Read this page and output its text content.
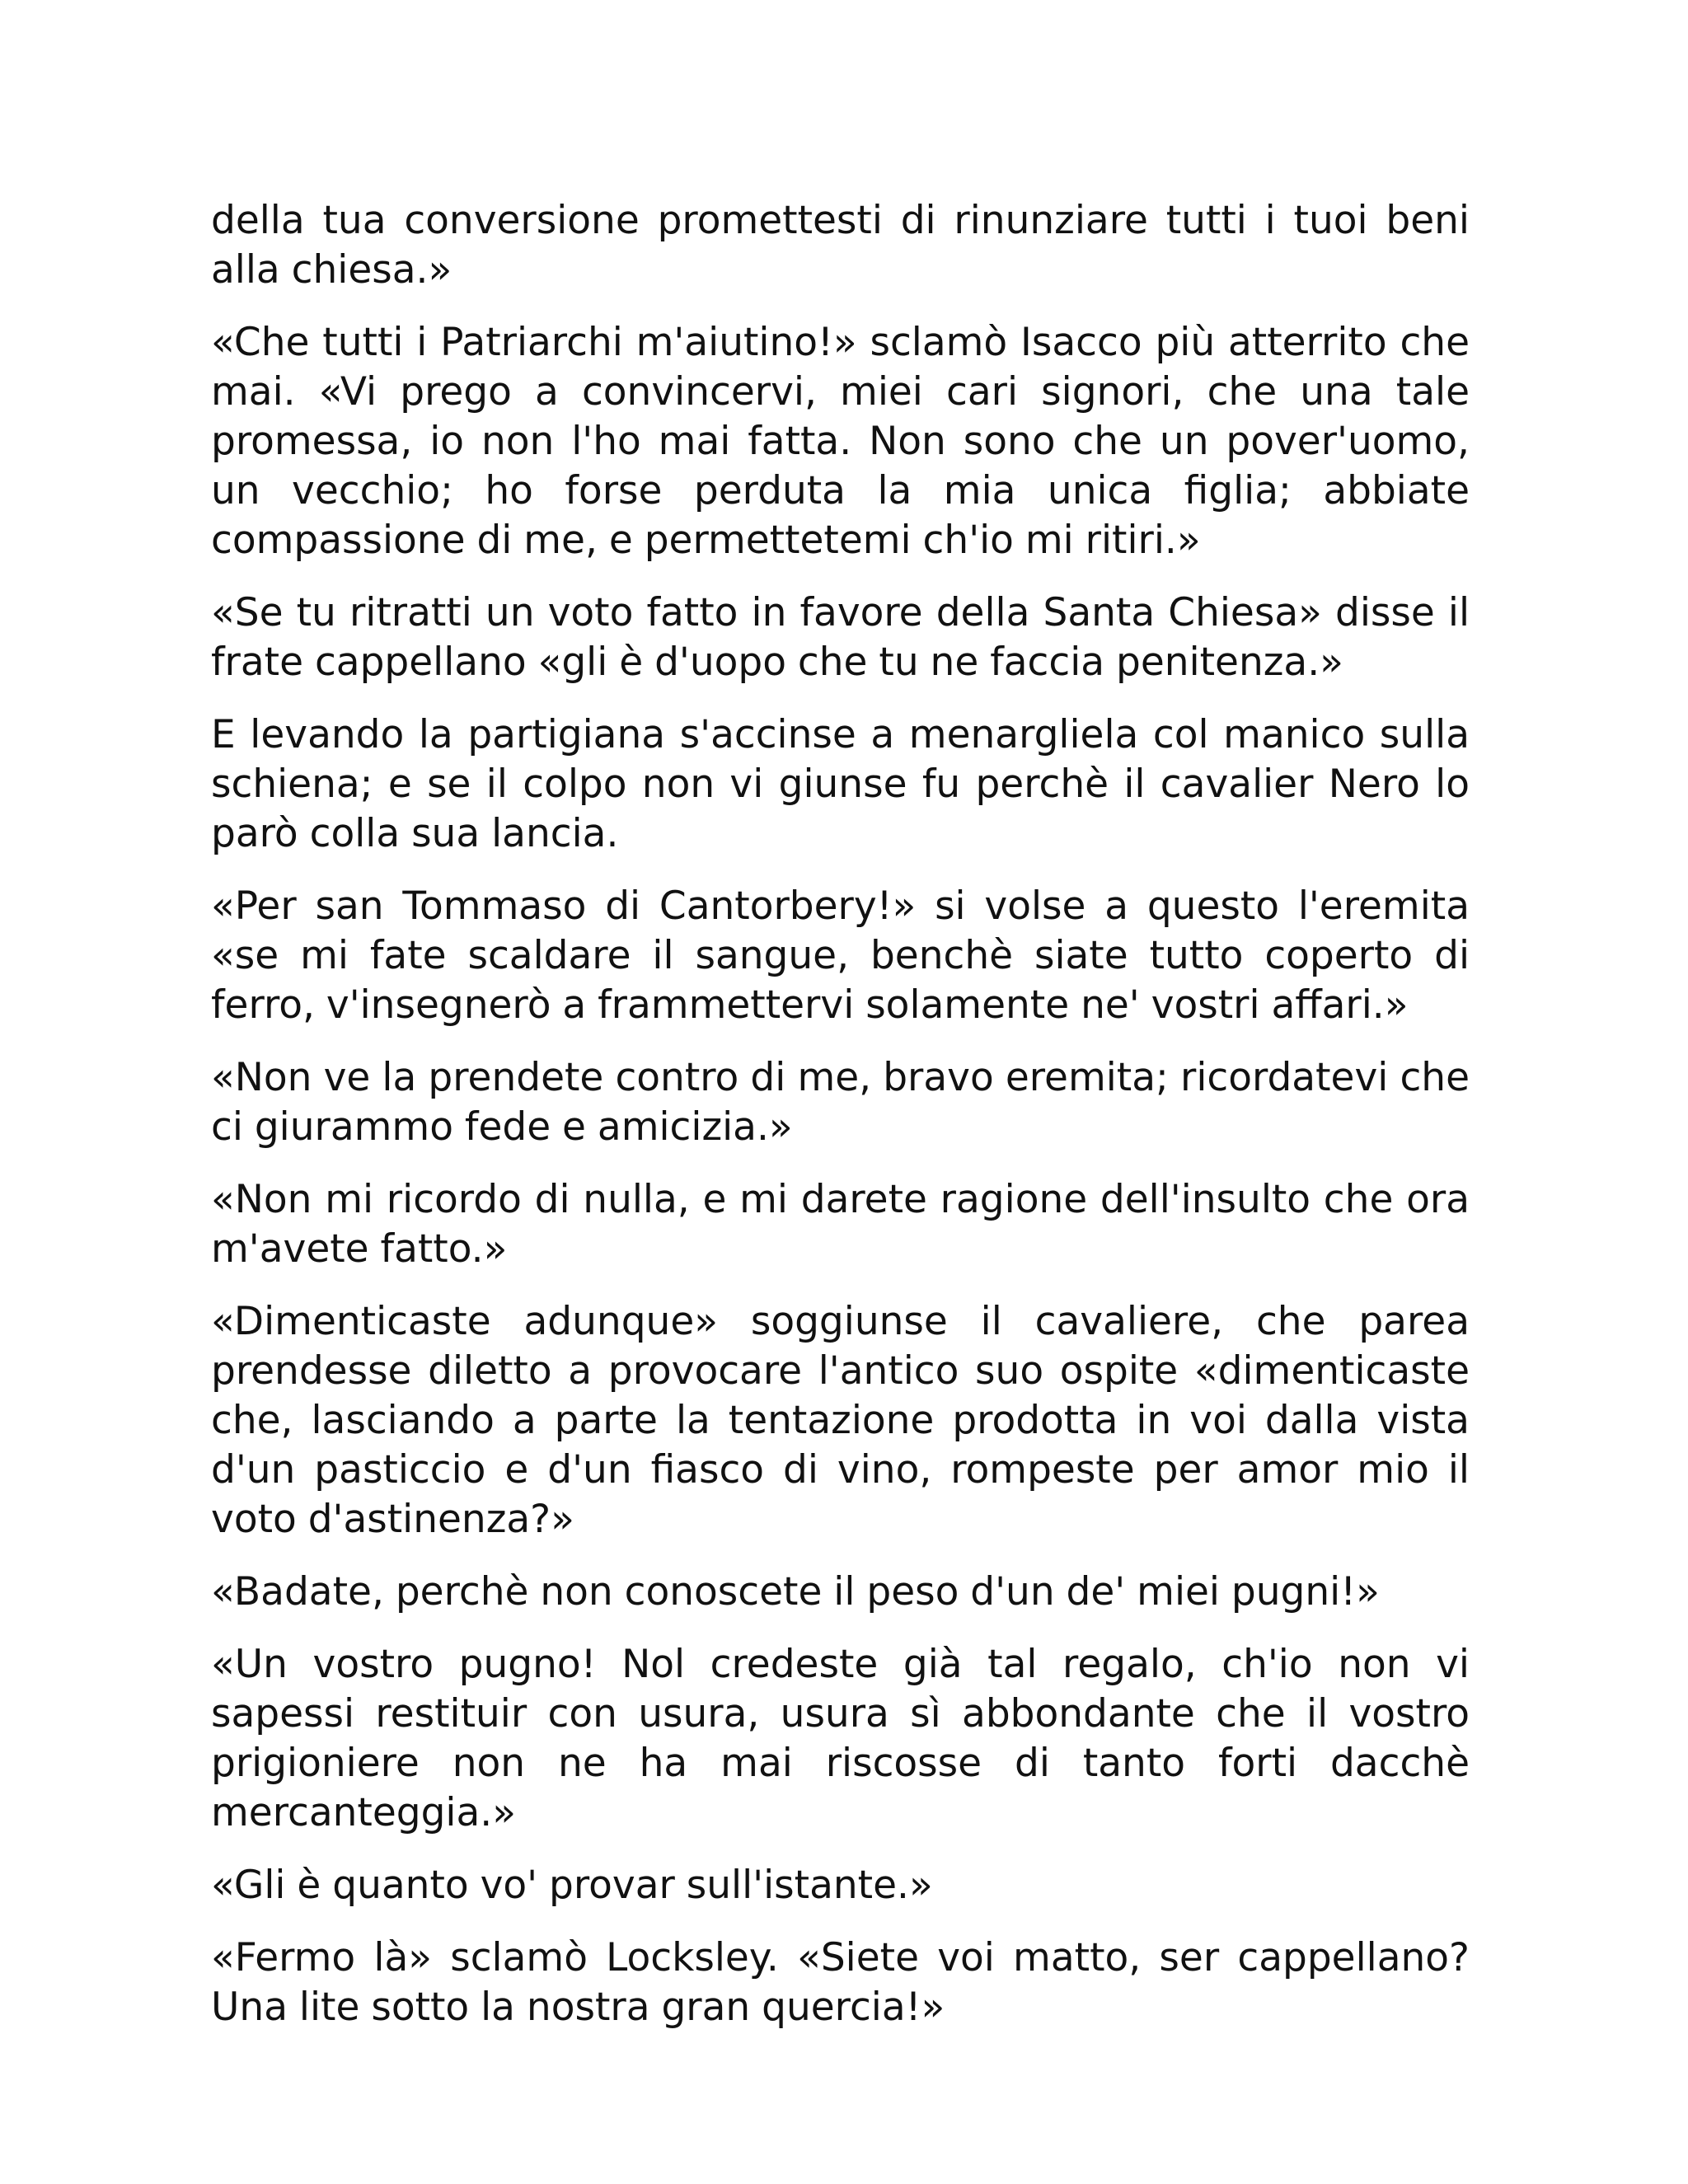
della tua conversione promettesti di rinunziare tutti i tuoi beni alla chiesa.»

«Che tutti i Patriarchi m'aiutino!» sclamò Isacco più atterrito che mai. «Vi prego a convincervi, miei cari signori, che una tale promessa, io non l'ho mai fatta. Non sono che un pover'uomo, un vecchio; ho forse perduta la mia unica figlia; abbiate compassione di me, e permettetemi ch'io mi ritiri.»

«Se tu ritratti un voto fatto in favore della Santa Chiesa» disse il frate cappellano «gli è d'uopo che tu ne faccia penitenza.»

E levando la partigiana s'accinse a menargliela col manico sulla schiena; e se il colpo non vi giunse fu perchè il cavalier Nero lo parò colla sua lancia.

«Per san Tommaso di Cantorbery!» si volse a questo l'eremita «se mi fate scaldare il sangue, benchè siate tutto coperto di ferro, v'insegnerò a frammettervi solamente ne' vostri affari.»

«Non ve la prendete contro di me, bravo eremita; ricordatevi che ci giurammo fede e amicizia.»

«Non mi ricordo di nulla, e mi darete ragione dell'insulto che ora m'avete fatto.»

«Dimenticaste adunque» soggiunse il cavaliere, che parea prendesse diletto a provocare l'antico suo ospite «dimenticaste che, lasciando a parte la tentazione prodotta in voi dalla vista d'un pasticcio e d'un fiasco di vino, rompeste per amor mio il voto d'astinenza?»

«Badate, perchè non conoscete il peso d'un de' miei pugni!»

«Un vostro pugno! Nol credeste già tal regalo, ch'io non vi sapessi restituir con usura, usura sì abbondante che il vostro prigioniere non ne ha mai riscosse di tanto forti dacchè mercanteggia.»

«Gli è quanto vo' provar sull'istante.»

«Fermo là» sclamò Locksley. «Siete voi matto, ser cappellano? Una lite sotto la nostra gran quercia!»
